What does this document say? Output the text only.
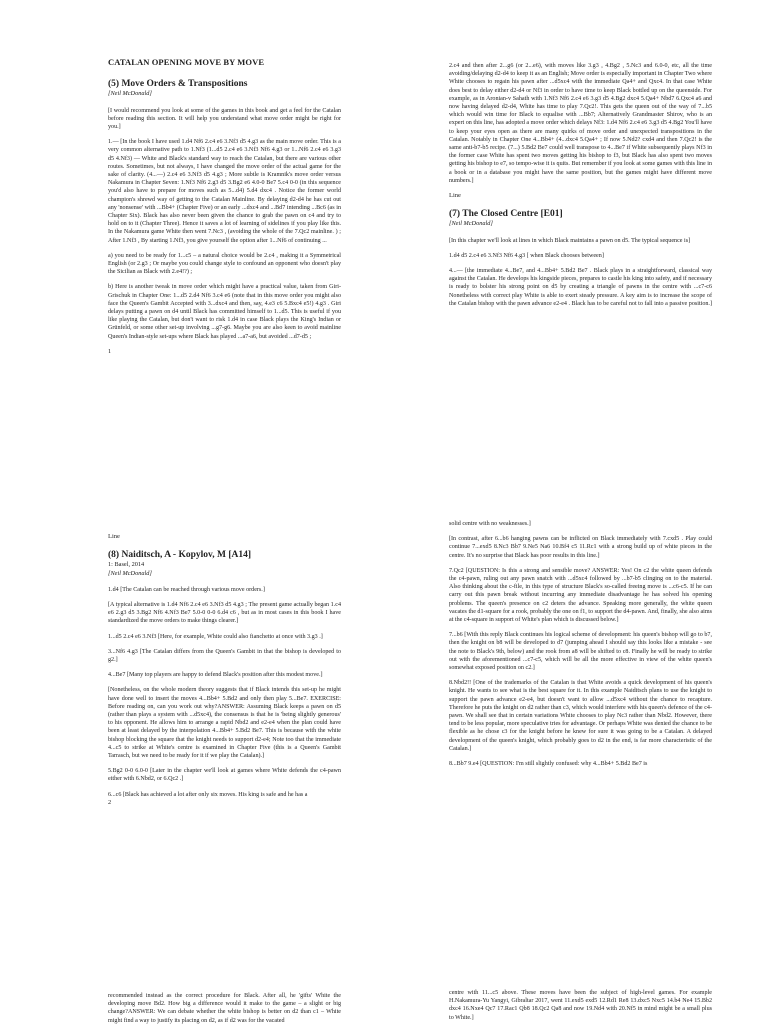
CATALAN OPENING MOVE BY MOVE
(5) Move Orders & Transpositions
[Neil McDonald]

[I would recommend you look at some of the games in this book and get a feel for the Catalan before reading this section. It will help you understand what move order might be right for you.]

1.— [In the book I have used 1.d4 Nf6 2.c4 e6 3.Nf3 d5 4.g3 as the main move order. This is a very common alternative path to 1.Nf3 (1...d5 2.c4 e6 3.Nf3 Nf6 4.g3 or 1...Nf6 2.c4 e6 3.g3 d5 4.Nf3) — White and Black's standard way to reach the Catalan, but there are various other routes. Sometimes, but not always, I have changed the move order of the actual game for the sake of clarity. (4...—) 2.c4 e6 3.Nf3 d5 4.g3 ; More subtle is Kramnik's move order versus Nakamura in Chapter Seven: 1.Nf3 Nf6 2.g3 d5 3.Bg2 e6 4.0-0 Be7 5.c4 0-0 (in this sequence you'd also have to prepare for moves such as 5...d4) 5.d4 dxc4 . Notice the former world champion's shrewd way of getting to the Catalan Mainline. By delaying d2-d4 he has cut out any 'nonsense' with ...Bb4+ (Chapter Five) or an early ...dxc4 and ...Bd7 intending ...Bc6 (as in Chapter Six). Black has also never been given the chance to grab the pawn on c4 and try to hold on to it (Chapter Three). Hence it saves a lot of learning of sidelines if you play like this. In the Nakamura game White then went 7.Nc3 , (avoiding the whole of the 7.Qc2 mainline. ) ; After 1.Nf3 , By starting 1.Nf3, you give yourself the option after 1...Nf6 of continuing ...

a) you need to be ready for 1...c5 – a natural choice would be 2.c4 , making it a Symmetrical English (or 2.g3 ; Or maybe you could change style to confound an opponent who doesn't play the Sicilian as Black with 2.e4!?) ;

b) Here is another tweak in move order which might have a practical value, taken from Giri-Grischuk in Chapter One: 1...d5 2.d4 Nf6 3.c4 e6 (note that in this move order you might also face the Queen's Gambit Accepted with 3...dxc4 and then, say, 4.e3 c6 5.Bxc4 e5!) 4.g3 . Giri delays putting a pawn on d4 until Black has committed himself to 1...d5. This is useful if you like playing the Catalan, but don't want to risk 1.d4 in case Black plays the King's Indian or Grünfeld, or some other set-up involving ...g7-g6. Maybe you are also keen to avoid mainline Queen's Indian-style set-ups where Black has played ...a7-a6, but avoided ...d7-d5 ;

1

2.c4 and then after 2...g6 (or 2...e6), with moves like 3.g3 , 4.Bg2 , 5.Nc3 and 6.0-0, etc, all the time avoiding/delaying d2-d4 to keep it as an English; Move order is especially important in Chapter Two where White chooses to regain his pawn after ...d5xc4 with the immediate Qa4+ and Qxc4. In that case White does best to delay either d2-d4 or Nf3 in order to have time to keep Black bottled up on the queenside. For example, as in Aronian-v Sahath with 1.Nf3 Nf6 2.c4 e6 3.g3 d5 4.Bg2 dxc4 5.Qa4+ Nbd7 6.Qxc4 a6 and now having delayed d2-d4, White has time to play 7.Qc2!. This gets the queen out of the way of 7...b5 which would win time for Black to equalise with ...Bb7; Alternatively Grandmaster Shirov, who is an expert on this line, has adopted a move order which delays Nf3: 1.d4 Nf6 2.c4 e6 3.g3 d5 4.Bg2 You'll have to keep your eyes open as there are many quirks of move order and unexpected transpositions in the Catalan. Notably in Chapter One 4...Bb4+ (4...dxc4 5.Qa4+ ; If now 5.Nd2? cxd4 and then 7.Qc2! is the same anti-b7-b5 recipe. (7...) 5.Bd2 Be7 could well transpose to 4...Be7 if White subsequently plays Nf3 in the former case White has spent two moves getting his bishop to f3, but Black has also spent two moves getting his bishop to e7, so tempo-wise it is quits. But remember if you look at some games with this line in a book or in a database you might have the same position, but the games might have different move numbers.]

Line
(7) The Closed Centre [E01]
[Neil McDonald]

[In this chapter we'll look at lines in which Black maintains a pawn on d5. The typical sequence is]

1.d4 d5 2.c4 e6 3.Nf3 Nf6 4.g3 [ when Black chooses between]

4...— [the immediate 4...Be7, and 4...Bb4+ 5.Bd2 Be7 . Black plays in a straightforward, classical way against the Catalan. He develops his kingside pieces, prepares to castle his king into safety, and if necessary is ready to bolster his strong point on d5 by creating a triangle of pawns in the centre with ...c7-c6 Nonetheless with correct play White is able to exert steady pressure. A key aim is to increase the scope of the Catalan bishop with the pawn advance e2-e4 . Black has to be careful not to fall into a passive position.]

Line
(8) Naiditsch, A - Kopylov, M [A14]
1: Basel, 2014
[Neil McDonald]

1.d4 [The Catalan can be reached through various move orders.]

[A typical alternative is 1.d4 Nf6 2.c4 e6 3.Nf3 d5 4.g3 ; The present game actually began 1.c4 e6 2.g3 d5 3.Bg2 Nf6 4.Nf3 Be7 5.0-0 0-0 6.d4 c6 , but as in most cases in this book I have standardized the move orders to make things clearer.]

1...d5 2.c4 e6 3.Nf3 [Here, for example, White could also fianchetto at once with 3.g3 .]

3...Nf6 4.g3 [The Catalan differs from the Queen's Gambit in that the bishop is developed to g2.]

4...Be7 [Many top players are happy to defend Black's position after this modest move.]

[Nonetheless, on the whole modern theory suggests that if Black intends this set-up he might have done well to insert the moves 4...Bb4+ 5.Bd2 and only then play 5...Be7. EXERCISE: Before reading on, can you work out why?ANSWER: Assuming Black keeps a pawn on d5 (rather than plays a system with ...d5xc4), the consensus is that he is 'being slightly generous' to his opponent. He allows him to arrange a rapid Nbd2 and e2-e4 when the plan could have been at least delayed by the interpolation 4...Bb4+ 5.Bd2 Be7. This is because with the white bishop blocking the square that the knight needs to support d2-e4; Note too that the immediate 4...c5 to strike at White's centre is examined in Chapter Five (this is a Queen's Gambit Tarrasch, but we need to be ready for it if we play the Catalan).]

5.Bg2 0-0 6.0-0 [Later in the chapter we'll look at games where White defends the c4-pawn either with 6.Nbd2, or 6.Qc2 .]

6...c6 [Black has achieved a lot after only six moves. His king is safe and he has a

2

solid centre with no weaknesses.]

[In contrast, after 6...b6 hanging pawns can be inflicted on Black immediately with 7.cxd5 . Play could continue 7...exd5 8.Nc3 Bb7 9.Ne5 Na6 10.Bf4 c5 11.Rc1 with a strong build up of white pieces in the centre. It's no surprise that Black has poor results in this line.]

7.Qc2 [QUESTION: Is this a strong and sensible move? ANSWER: Yes! On c2 the white queen defends the c4-pawn, ruling out any pawn snatch with ...d5xc4 followed by ...b7-b5 clinging on to the material. Also thinking about the c-file, in this type of structure Black's so-called freeing move is ...c6-c5. If he can carry out this pawn break without incurring any immediate disadvantage he has solved his opening problems. The queen's presence on c2 deters the advance. Speaking more generally, the white queen vacates the d1-square for a rook, probably the one on f1, to support the d4-pawn. And, finally, she also aims at the c4-square in support of White's plan which is discussed below.]

7...b6 [With this reply Black continues his logical scheme of development: his queen's bishop will go to b7, then the knight on b8 will be developed to d7 (jumping ahead I should say this looks like a mistake - see the note to Black's 9th, below) and the rook from a8 will be shifted to c8. Finally he will be ready to strike out with the aforementioned ...c7-c5, which will be all the more effective in view of the white queen's somewhat exposed position on c2.]

8.Nbd2!! [One of the trademarks of the Catalan is that White avoids a quick development of his queen's knight. He wants to see what is the best square for it. In this example Naiditsch plans to use the knight to support the pawn advance e2-e4, but doesn't want to allow ...d5xc4 without the chance to recapture. Therefore he puts the knight on d2 rather than c3, which would interfere with his queen's defence of the c4-pawn. We shall see that in certain variations White chooses to play Nc3 rather than Nbd2. However, there tend to be less popular, more speculative tries for advantage. Or perhaps White was denied the chance to be flexible as he chose c3 for the knight before he knew for sure it was going to be a Catalan. A delayed development of the queen's knight, which probably goes to d2 in the end, is far more characteristic of the Catalan.]

8...Bb7 9.e4 [QUESTION: I'm still slightly confused: why 4...Bb4+ 5.Bd2 Be7 is

recommended instead as the correct procedure for Black. After all, he 'gifts' White the developing move Bd2. How big a difference would it make to the game – a slight or big change?ANSWER: We can debate whether the white bishop is better on d2 than c1 – White might find a way to justify its placing on d2, as if d2 was for the vacated

centre with 11...c5 above. These moves have been the subject of high-level games. For example H.Nakamura-Yu Yangyi, Gibraltar 2017, went 11.exd5 exd5 12.Rd1 Re8 13.dxc5 Nxc5 14.b4 Ne4 15.Bb2 dxc4 16.Nxe4 Qc7 17.Rac1 Qb8 18.Qc2 Qa8 and now 19.Nd4 with 20.Nf5 in mind might be a small plus to White.]
